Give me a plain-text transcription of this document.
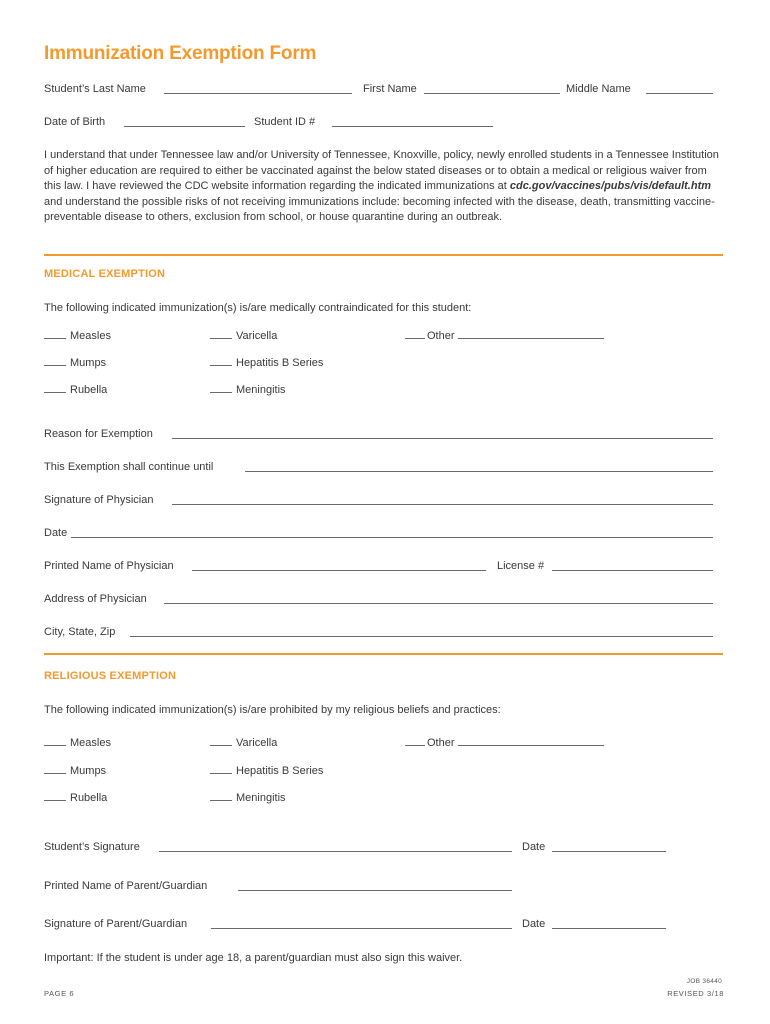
Immunization Exemption Form
Student’s Last Name	First Name	Middle Name
Date of Birth	Student ID #
I understand that under Tennessee law and/or University of Tennessee, Knoxville, policy, newly enrolled students in a Tennessee Institution of higher education are required to either be vaccinated against the below stated diseases or to obtain a medical or religious waiver from this law. I have reviewed the CDC website information regarding the indicated immunizations at cdc.gov/vaccines/pubs/vis/default.htm and understand the possible risks of not receiving immunizations include: becoming infected with the disease, death, transmitting vaccine-preventable disease to others, exclusion from school, or house quarantine during an outbreak.
MEDICAL EXEMPTION
The following indicated immunization(s) is/are medically contraindicated for this student:
Measles	Varicella	Other
Mumps	Hepatitis B Series
Rubella	Meningitis
Reason for Exemption
This Exemption shall continue until
Signature of Physician
Date
Printed Name of Physician	License #
Address of Physician
City, State, Zip
RELIGIOUS EXEMPTION
The following indicated immunization(s) is/are prohibited by my religious beliefs and practices:
Measles	Varicella	Other
Mumps	Hepatitis B Series
Rubella	Meningitis
Student’s Signature	Date
Printed Name of Parent/Guardian
Signature of Parent/Guardian	Date
Important: If the student is under age 18, a parent/guardian must also sign this waiver.
JOB 36440
REVISED 3/18
PAGE 6
